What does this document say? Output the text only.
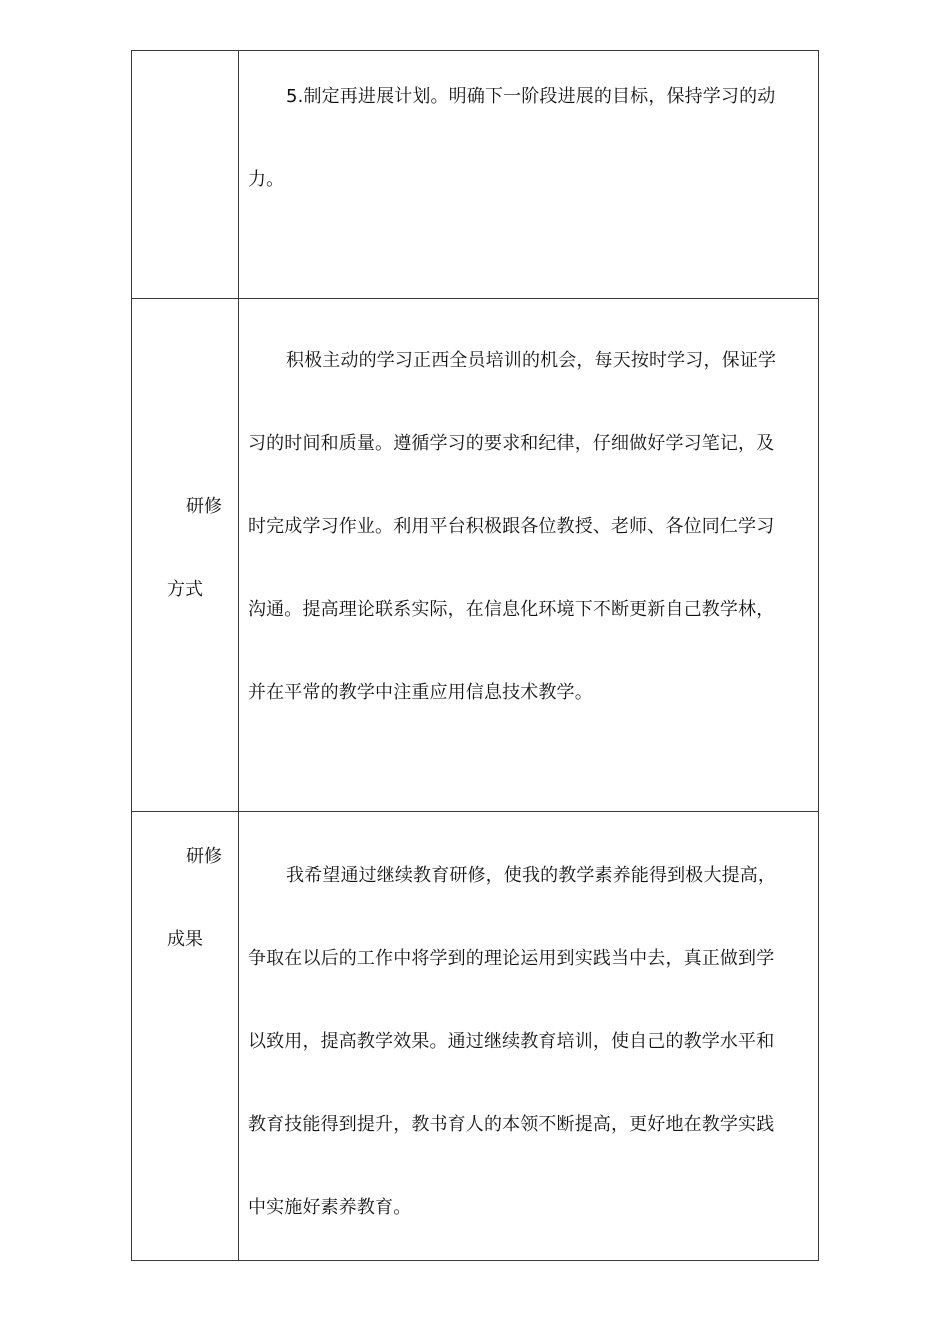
5.制定再进展计划。明确下一阶段进展的目标，保持学习的动
力。
研修
方式
积极主动的学习正西全员培训的机会，每天按时学习，保证学
习的时间和质量。遵循学习的要求和纪律，仔细做好学习笔记，及
时完成学习作业。利用平台积极跟各位教授、老师、各位同仁学习
沟通。提高理论联系实际，在信息化环境下不断更新自己教学林，
并在平常的教学中注重应用信息技术教学。
研修
成果
我希望通过继续教育研修，使我的教学素养能得到极大提高，
争取在以后的工作中将学到的理论运用到实践当中去，真正做到学
以致用，提高教学效果。通过继续教育培训，使自己的教学水平和
教育技能得到提升，教书育人的本领不断提高，更好地在教学实践
中实施好素养教育。
